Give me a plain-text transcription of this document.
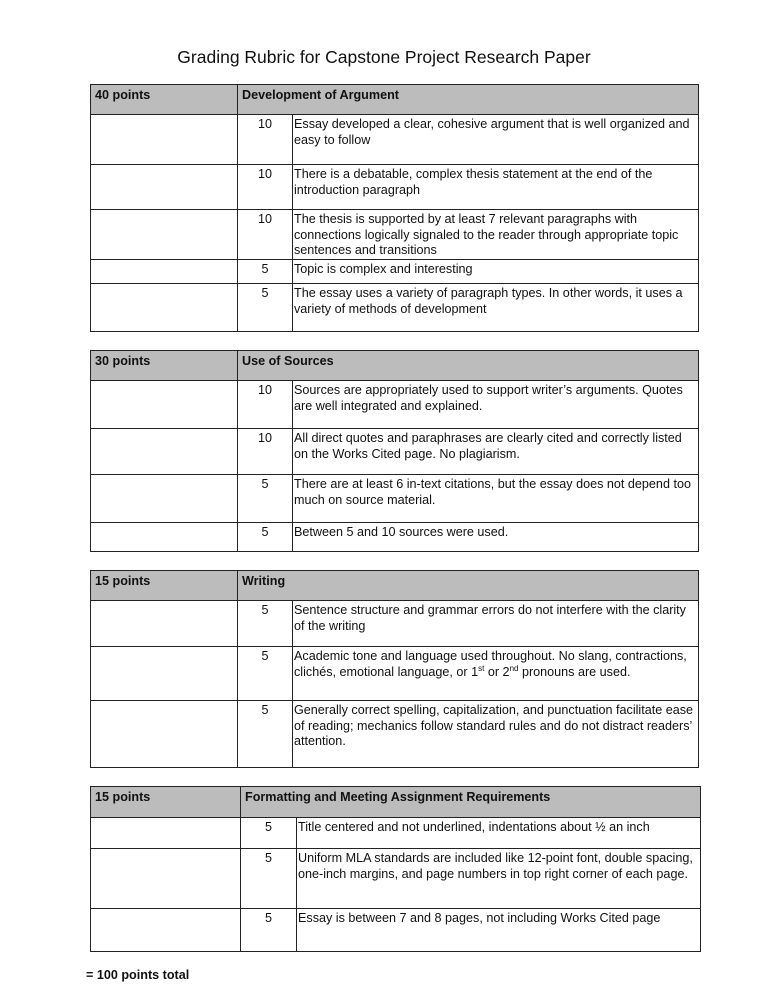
Grading Rubric for Capstone Project Research Paper
40 points	Development of Argument	
	10	Essay developed a clear, cohesive argument that is well organized and easy to follow
	10	There is a debatable, complex thesis statement at the end of the introduction paragraph
	10	The thesis is supported by at least 7 relevant paragraphs with connections logically signaled to the reader through appropriate topic sentences and transitions
	5	Topic is complex and interesting
	5	The essay uses a variety of paragraph types. In other words, it uses a variety of methods of development
30 points	Use of Sources	
	10	Sources are appropriately used to support writer’s arguments. Quotes are well integrated and explained.
	10	All direct quotes and paraphrases are clearly cited and correctly listed on the Works Cited page. No plagiarism.
	5	There are at least 6 in-text citations, but the essay does not depend too much on source material.
	5	Between 5 and 10 sources were used.
15 points	Writing	
	5	Sentence structure and grammar errors do not interfere with the clarity of the writing
	5	Academic tone and language used throughout. No slang, contractions, clichés, emotional language, or 1st or 2nd pronouns are used.
	5	Generally correct spelling, capitalization, and punctuation facilitate ease of reading; mechanics follow standard rules and do not distract readers’ attention.
15 points	Formatting and Meeting Assignment Requirements	
	5	Title centered and not underlined, indentations about ½ an inch
	5	Uniform MLA standards are included like 12-point font, double spacing, one-inch margins, and page numbers in top right corner of each page.
	5	Essay is between 7 and 8 pages, not including Works Cited page
= 100 points total
